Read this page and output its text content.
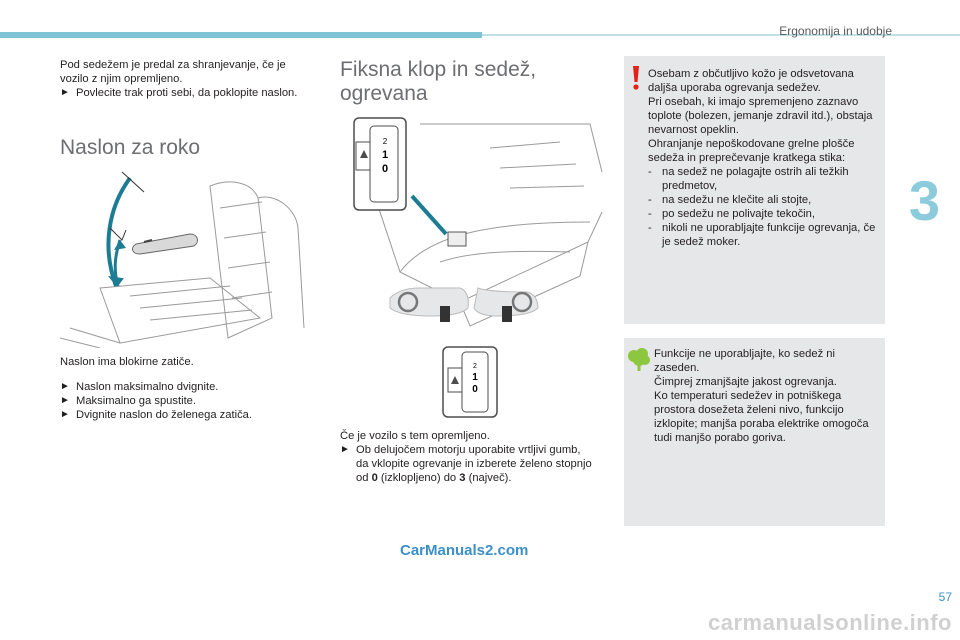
Ergonomija in udobje
3

Pod sedežem je predal za shranjevanje, če je vozilo z njim opremljeno.

► Povlecite trak proti sebi, da poklopite naslon.
Naslon za roko

Naslon ima blokirne zatiče.

► Naslon maksimalno dvignite.
► Maksimalno ga spustite.
► Dvignite naslon do želenega zatiča.
Fiksna klop in sedež,
ogrevana
2
1
0
2
1
0

Če je vozilo s tem opremljeno.

► Ob delujočem motorju uporabite vrtljivi gumb, da vklopite ogrevanje in izberete želeno stopnjo od 0 (izklopljeno) do 3 (največ).
Osebam z občutljivo kožo je odsvetovana daljša uporaba ogrevanja sedežev.
Pri osebah, ki imajo spremenjeno zaznavo toplote (bolezen, jemanje zdravil itd.), obstaja nevarnost opeklin.
Ohranjanje nepoškodovane grelne plošče sedeža in preprečevanje kratkega stika:
- na sedež ne polagajte ostrih ali težkih predmetov,
- na sedežu ne klečite ali stojte,
- po sedežu ne polivajte tekočin,
- nikoli ne uporabljajte funkcije ogrevanja, če je sedež moker.
Funkcije ne uporabljajte, ko sedež ni zaseden.
Čimprej zmanjšajte jakost ogrevanja.
Ko temperaturi sedežev in potniškega prostora dosežeta želeni nivo, funkcijo izklopite; manjša poraba elektrike omogoča tudi manjšo porabo goriva.
CarManuals2.com
carmanualsonline.info
57
